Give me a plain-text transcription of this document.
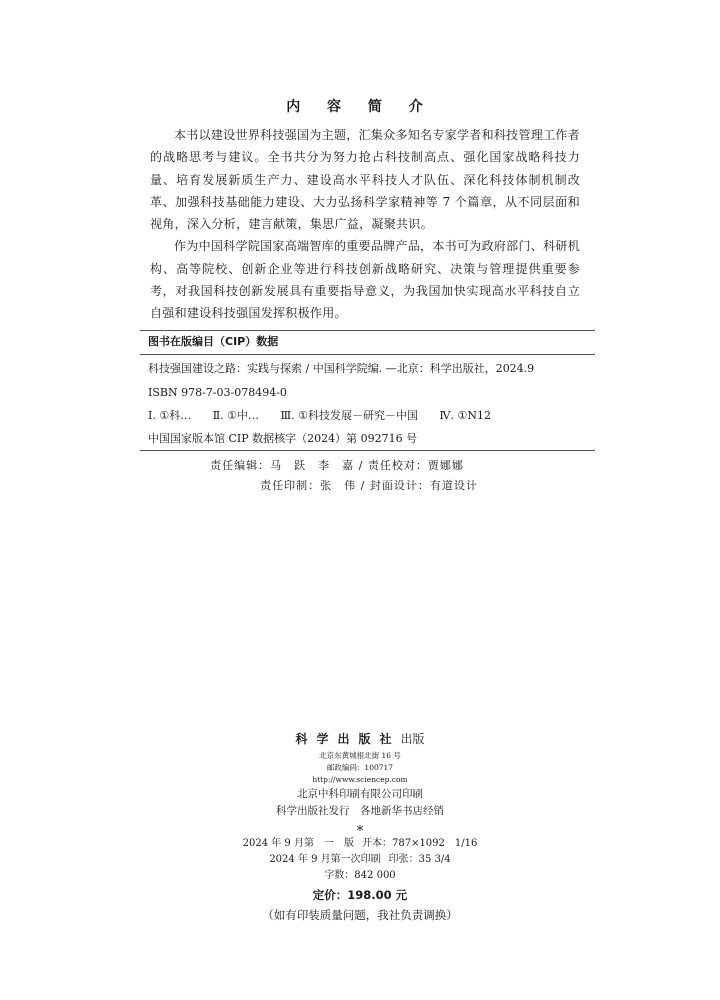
内 容 简 介

本书以建设世界科技强国为主题，汇集众多知名专家学者和科技管理工作者的战略思考与建议。全书共分为努力抢占科技制高点、强化国家战略科技力量、培育发展新质生产力、建设高水平科技人才队伍、深化科技体制机制改革、加强科技基础能力建设、大力弘扬科学家精神等 7 个篇章，从不同层面和视角，深入分析，建言献策，集思广益，凝聚共识。

作为中国科学院国家高端智库的重要品牌产品，本书可为政府部门、科研机构、高等院校、创新企业等进行科技创新战略研究、决策与管理提供重要参考，对我国科技创新发展具有重要指导意义，为我国加快实现高水平科技自立自强和建设科技强国发挥积极作用。

图书在版编目（CIP）数据
科技强国建设之路：实践与探索 / 中国科学院编. —北京：科学出版社，2024.9
ISBN 978-7-03-078494-0
Ⅰ. ①科… Ⅱ. ①中… Ⅲ. ①科技发展－研究－中国 Ⅳ. ①N12
中国国家版本馆 CIP 数据核字（2024）第 092716 号
责任编辑：马　跃　李　嘉 / 责任校对：贾娜娜
责任印制：张　伟 / 封面设计：有道设计
科学出版社出版
北京东黄城根北街 16 号
邮政编码：100717
http://www.sciencep.com
北京中科印刷有限公司印刷
科学出版社发行　各地新华书店经销
*
2024 年 9 月第　一　版 开本：787×1092　1/16
2024 年 9 月第一次印刷 印张：35 3/4
字数：842 000
定价：198.00 元
（如有印装质量问题，我社负责调换）
